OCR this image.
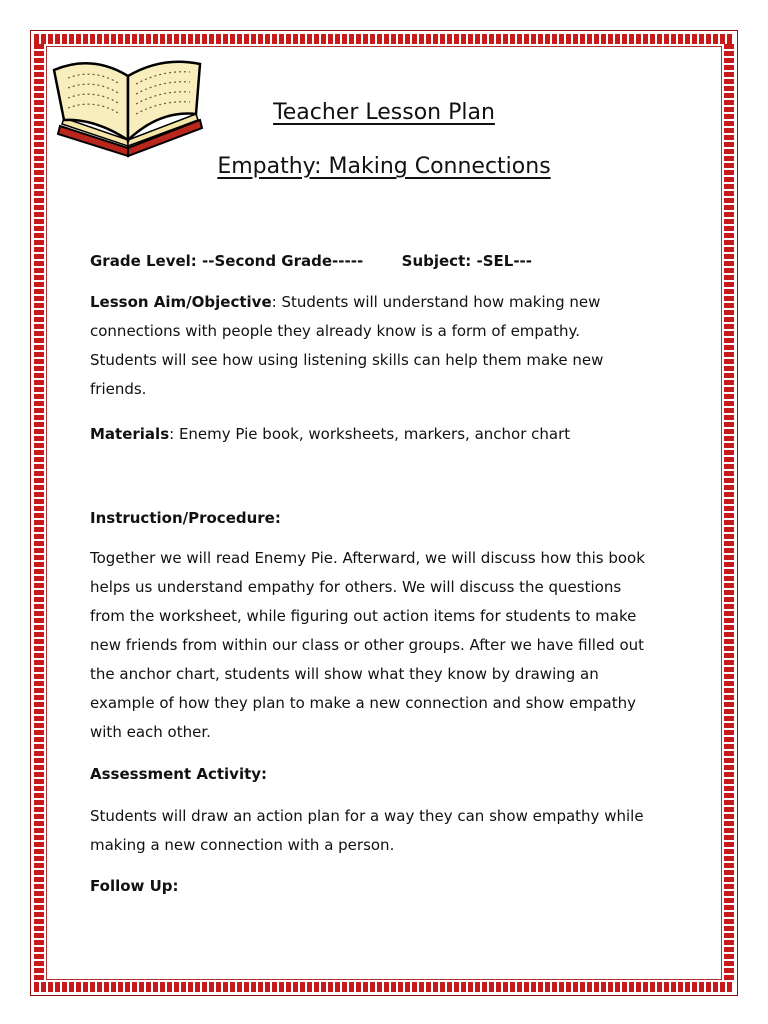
Teacher Lesson Plan
Empathy: Making Connections
Grade Level: --Second Grade-----	Subject: -SEL---
Lesson Aim/Objective: Students will understand how making new connections with people they already know is a form of empathy. Students will see how using listening skills can help them make new friends.
Materials: Enemy Pie book, worksheets, markers, anchor chart
Instruction/Procedure:
Together we will read Enemy Pie. Afterward, we will discuss how this book helps us understand empathy for others. We will discuss the questions from the worksheet, while figuring out action items for students to make new friends from within our class or other groups. After we have filled out the anchor chart, students will show what they know by drawing an example of how they plan to make a new connection and show empathy with each other.
Assessment Activity:
Students will draw an action plan for a way they can show empathy while making a new connection with a person.
Follow Up:
